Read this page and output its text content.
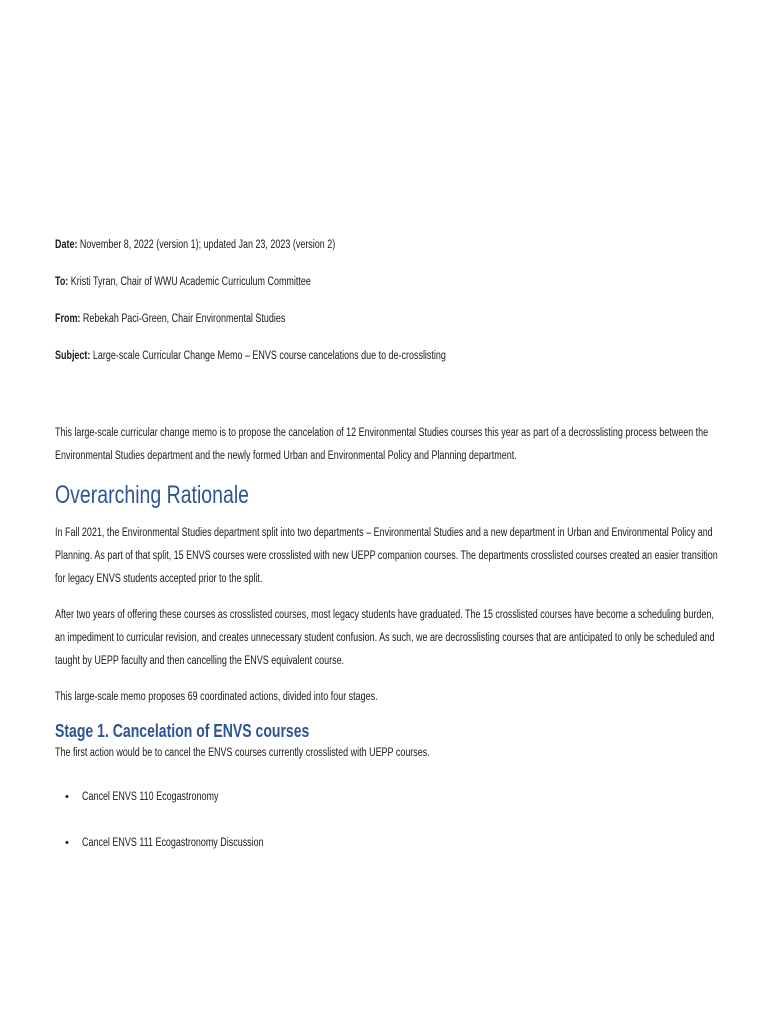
Date: November 8, 2022 (version 1); updated Jan 23, 2023 (version 2)
To: Kristi Tyran, Chair of WWU Academic Curriculum Committee
From: Rebekah Paci-Green, Chair Environmental Studies
Subject: Large-scale Curricular Change Memo – ENVS course cancelations due to de-crosslisting

This large-scale curricular change memo is to propose the cancelation of 12 Environmental Studies courses this year as part of a decrosslisting process between the Environmental Studies department and the newly formed Urban and Environmental Policy and Planning department.

Overarching Rationale

In Fall 2021, the Environmental Studies department split into two departments – Environmental Studies and a new department in Urban and Environmental Policy and Planning. As part of that split, 15 ENVS courses were crosslisted with new UEPP companion courses. The departments crosslisted courses created an easier transition for legacy ENVS students accepted prior to the split.

After two years of offering these courses as crosslisted courses, most legacy students have graduated. The 15 crosslisted courses have become a scheduling burden, an impediment to curricular revision, and creates unnecessary student confusion. As such, we are decrosslisting courses that are anticipated to only be scheduled and taught by UEPP faculty and then cancelling the ENVS equivalent course.

This large-scale memo proposes 69 coordinated actions, divided into four stages.

Stage 1. Cancelation of ENVS courses

The first action would be to cancel the ENVS courses currently crosslisted with UEPP courses.

• Cancel ENVS 110 Ecogastronomy
• Cancel ENVS 111 Ecogastronomy Discussion
